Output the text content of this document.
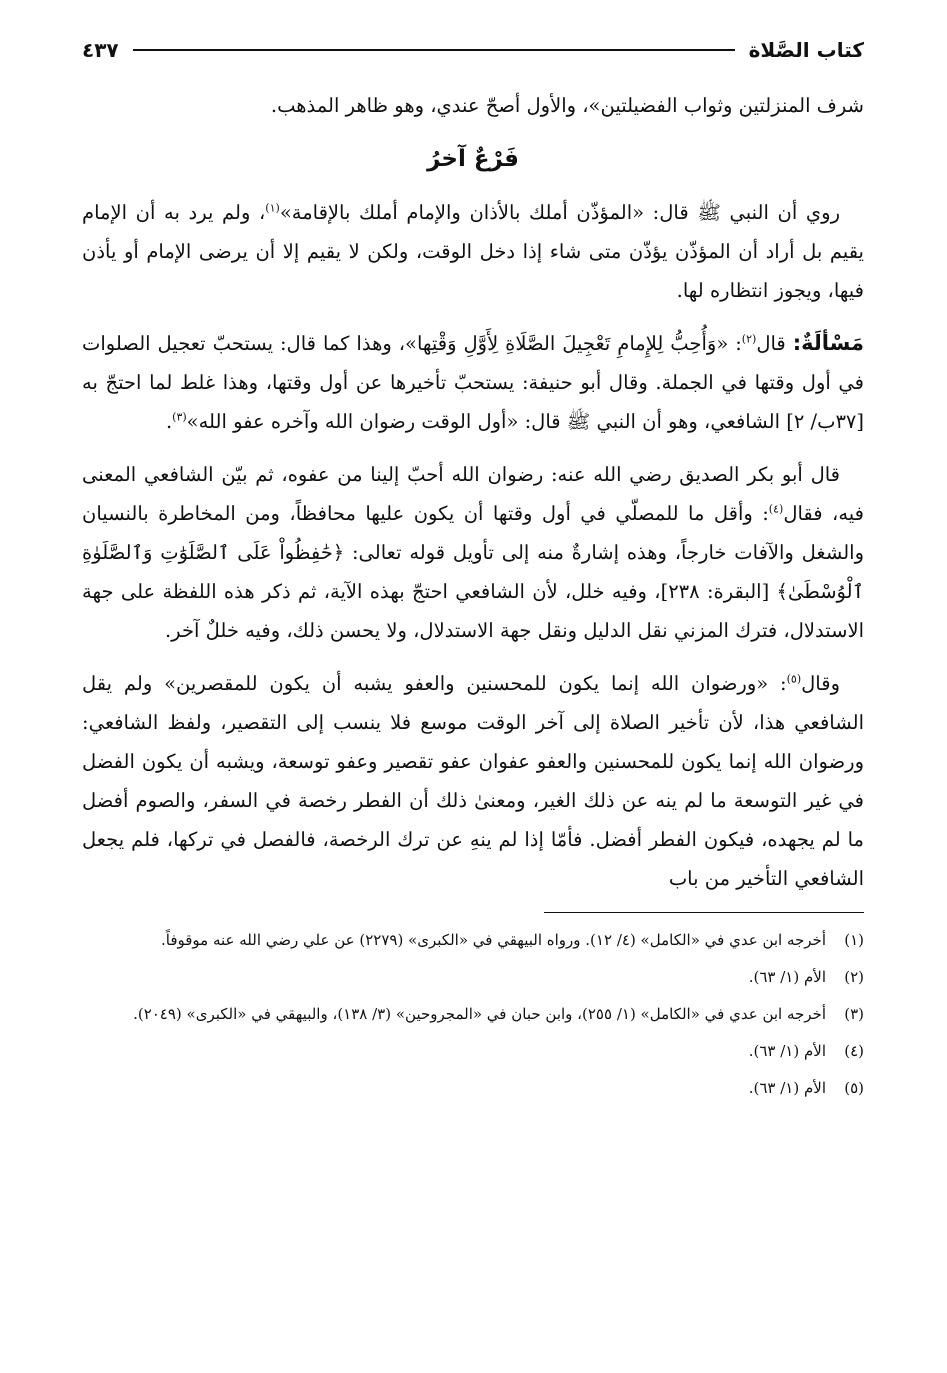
كتاب الصَّلاة
٤٣٧

شرف المنزلتين وثواب الفضيلتين»، والأول أصحّ عندي، وهو ظاهر المذهب.

فَرْعٌ آخرُ

روي أن النبي ﷺ قال: «المؤذّن أملك بالأذان والإمام أملك بالإقامة»$^{(١)}$، ولم يرد به أن الإمام يقيم بل أراد أن المؤذّن يؤذّن متى شاء إذا دخل الوقت، ولكن لا يقيم إلا أن يرضى الإمام أو يأذن فيها، ويجوز انتظاره لها.

مَسْألَةٌ: قال$^{(٢)}$: «وَأُحِبُّ لِلإِمامِ تَعْجِيلَ الصَّلَاةِ لِأَوَّلِ وَقْتِها»، وهذا كما قال: يستحبّ تعجيل الصلوات في أول وقتها في الجملة. وقال أبو حنيفة: يستحبّ تأخيرها عن أول وقتها، وهذا غلط لما احتجّ به [٣٧ب/ ٢] الشافعي، وهو أن النبي ﷺ قال: «أول الوقت رضوان الله وآخره عفو الله»$^{(٣)}$.

قال أبو بكر الصديق رضي الله عنه: رضوان الله أحبّ إلينا من عفوه، ثم بيّن الشافعي المعنى فيه، فقال$^{(٤)}$: وأقل ما للمصلّي في أول وقتها أن يكون عليها محافظاً، ومن المخاطرة بالنسيان والشغل والآفات خارجاً، وهذه إشارةٌ منه إلى تأويل قوله تعالى: ﴿حَٰفِظُواْ عَلَى ٱلصَّلَوَٰتِ وَٱلصَّلَوٰةِ ٱلْوُسْطَىٰ﴾ [البقرة: ٢٣٨]، وفيه خلل، لأن الشافعي احتجّ بهذه الآية، ثم ذكر هذه اللفظة على جهة الاستدلال، فترك المزني نقل الدليل ونقل جهة الاستدلال، ولا يحسن ذلك، وفيه خللٌ آخر.

وقال$^{(٥)}$: «ورضوان الله إنما يكون للمحسنين والعفو يشبه أن يكون للمقصرين» ولم يقل الشافعي هذا، لأن تأخير الصلاة إلى آخر الوقت موسع فلا ينسب إلى التقصير، ولفظ الشافعي: ورضوان الله إنما يكون للمحسنين والعفو عفوان عفو تقصير وعفو توسعة، ويشبه أن يكون الفضل في غير التوسعة ما لم ينه عن ذلك الغير، ومعنىٰ ذلك أن الفطر رخصة في السفر، والصوم أفضل ما لم يجهده، فيكون الفطر أفضل. فأمّا إذا لم ينهِ عن ترك الرخصة، فالفصل في تركها، فلم يجعل الشافعي التأخير من باب

(١)
أخرجه ابن عدي في «الكامل» (٤/ ١٢). ورواه البيهقي في «الكبرى» (٢٢٧٩) عن علي رضي الله عنه موقوفاً.
(٢)
الأم (١/ ٦٣).
(٣)
أخرجه ابن عدي في «الكامل» (١/ ٢٥٥)، وابن حبان في «المجروحين» (٣/ ١٣٨)، والبيهقي في «الكبرى» (٢٠٤٩).
(٤)
الأم (١/ ٦٣).
(٥)
الأم (١/ ٦٣).
